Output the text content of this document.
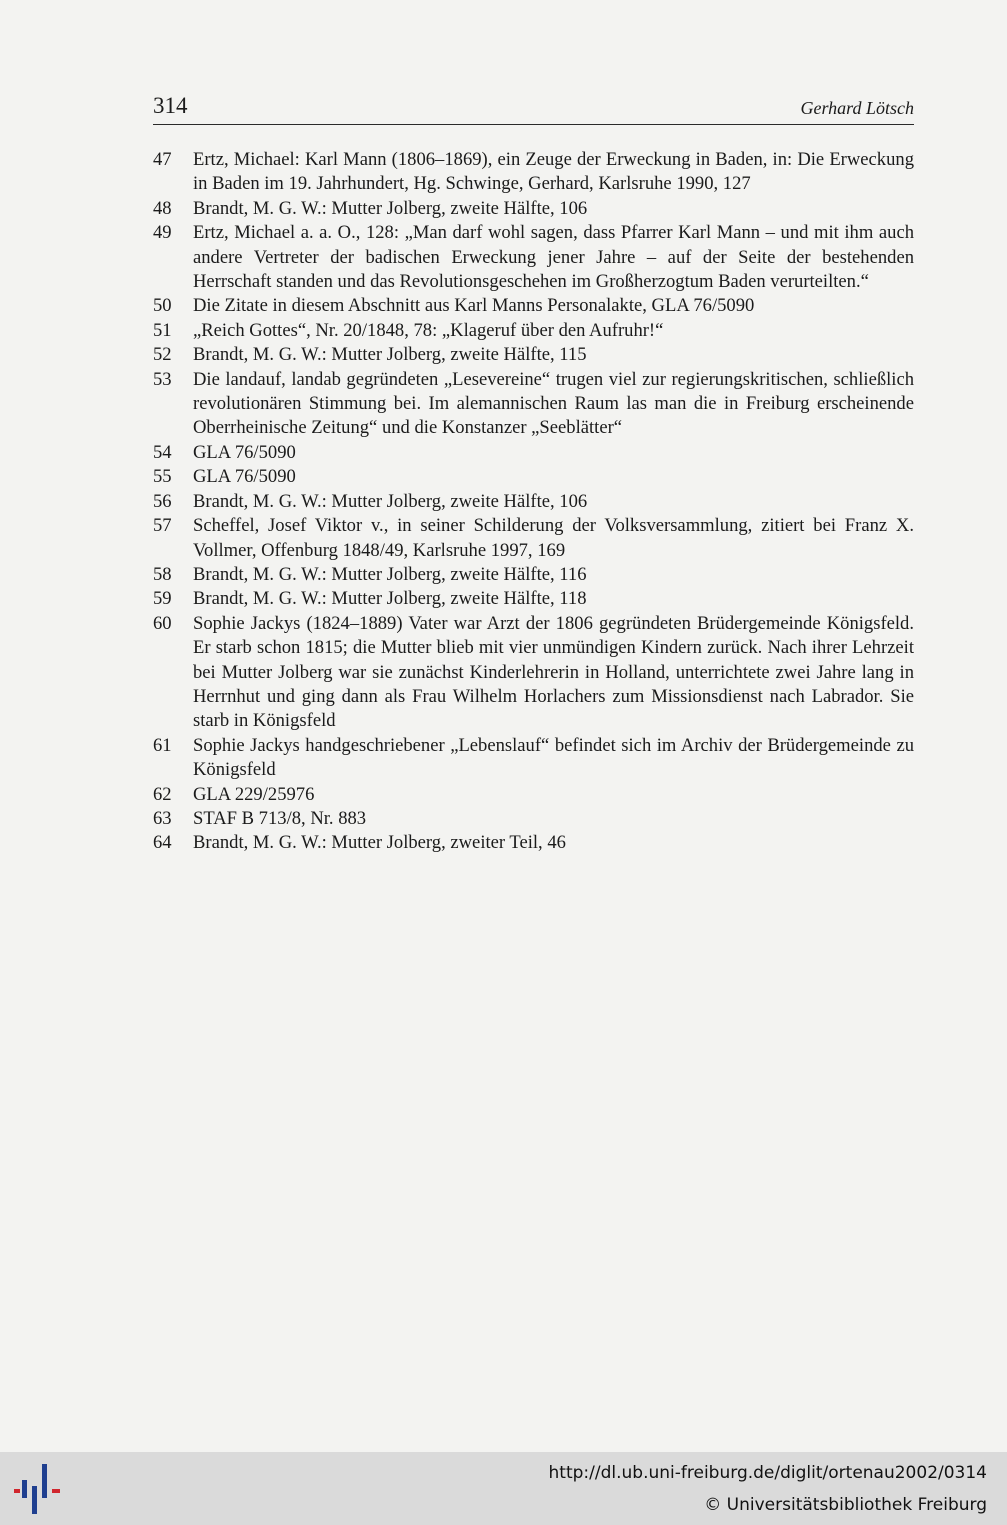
314	Gerhard Lötsch
47	Ertz, Michael: Karl Mann (1806–1869), ein Zeuge der Erweckung in Baden, in: Die Erweckung in Baden im 19. Jahrhundert, Hg. Schwinge, Gerhard, Karlsruhe 1990, 127
48	Brandt, M. G. W.: Mutter Jolberg, zweite Hälfte, 106
49	Ertz, Michael a. a. O., 128: „Man darf wohl sagen, dass Pfarrer Karl Mann – und mit ihm auch andere Vertreter der badischen Erweckung jener Jahre – auf der Seite der bestehenden Herrschaft standen und das Revolutionsgeschehen im Großherzogtum Baden verurteilten.“
50	Die Zitate in diesem Abschnitt aus Karl Manns Personalakte, GLA 76/5090
51	„Reich Gottes“, Nr. 20/1848, 78: „Klageruf über den Aufruhr!“
52	Brandt, M. G. W.: Mutter Jolberg, zweite Hälfte, 115
53	Die landauf, landab gegründeten „Lesevereine“ trugen viel zur regierungskritischen, schließlich revolutionären Stimmung bei. Im alemannischen Raum las man die in Freiburg erscheinende Oberrheinische Zeitung“ und die Konstanzer „Seeblätter“
54	GLA 76/5090
55	GLA 76/5090
56	Brandt, M. G. W.: Mutter Jolberg, zweite Hälfte, 106
57	Scheffel, Josef Viktor v., in seiner Schilderung der Volksversammlung, zitiert bei Franz X. Vollmer, Offenburg 1848/49, Karlsruhe 1997, 169
58	Brandt, M. G. W.: Mutter Jolberg, zweite Hälfte, 116
59	Brandt, M. G. W.: Mutter Jolberg, zweite Hälfte, 118
60	Sophie Jackys (1824–1889) Vater war Arzt der 1806 gegründeten Brüdergemeinde Königsfeld. Er starb schon 1815; die Mutter blieb mit vier unmündigen Kindern zurück. Nach ihrer Lehrzeit bei Mutter Jolberg war sie zunächst Kinderlehrerin in Holland, unterrichtete zwei Jahre lang in Herrnhut und ging dann als Frau Wilhelm Horlachers zum Missionsdienst nach Labrador. Sie starb in Königsfeld
61	Sophie Jackys handgeschriebener „Lebenslauf“ befindet sich im Archiv der Brüdergemeinde zu Königsfeld
62	GLA 229/25976
63	STAF B 713/8, Nr. 883
64	Brandt, M. G. W.: Mutter Jolberg, zweiter Teil, 46
http://dl.ub.uni-freiburg.de/diglit/ortenau2002/0314
© Universitätsbibliothek Freiburg
